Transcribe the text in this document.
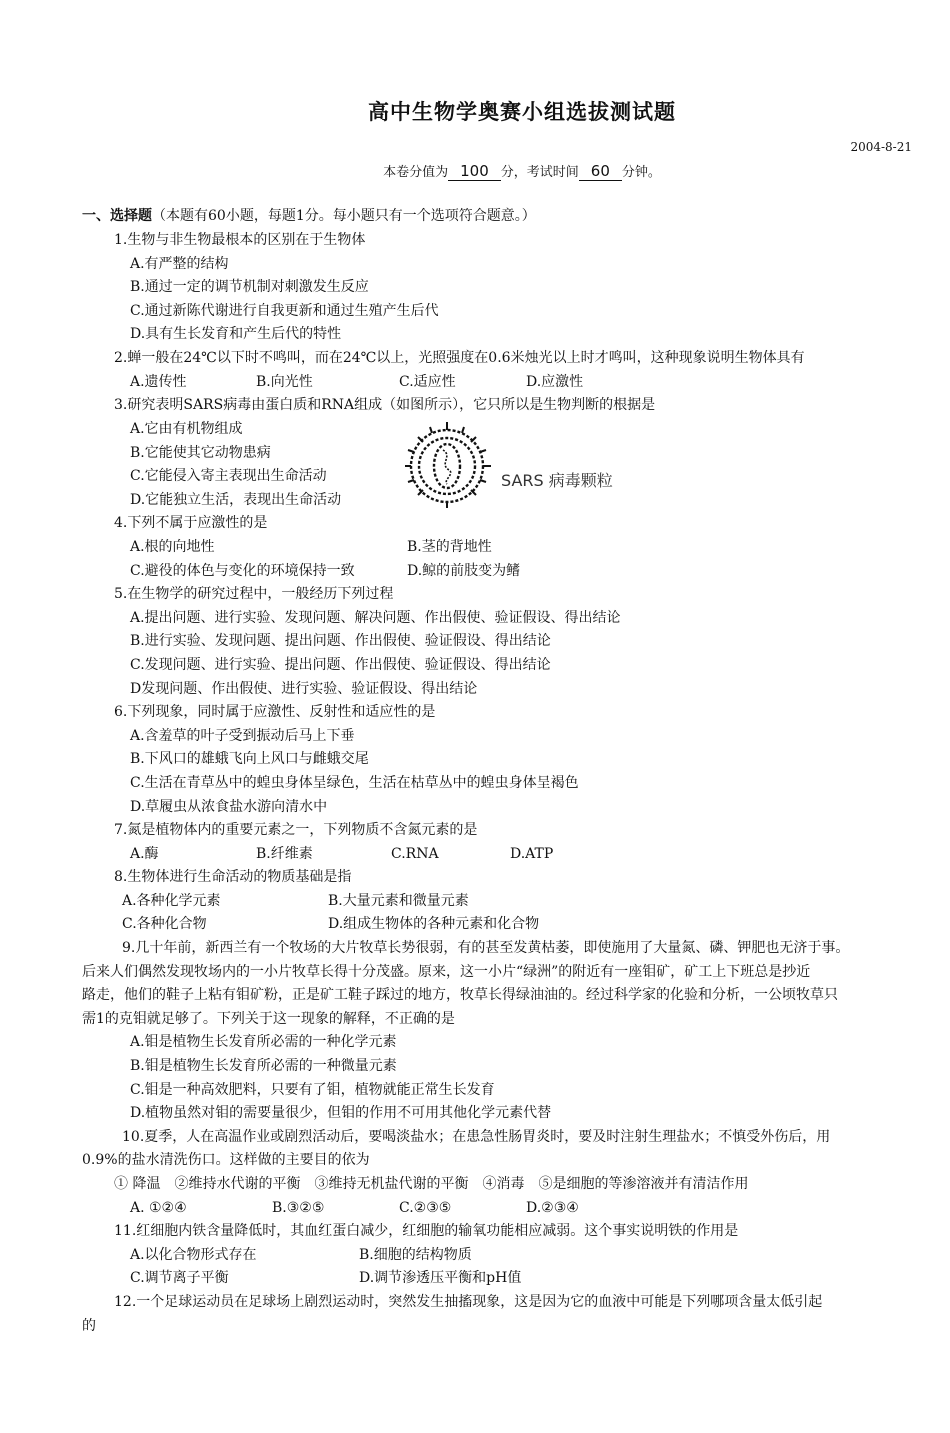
高中生物学奥赛小组选拔测试题
2004-8-21
本卷分值为 100 分，考试时间 60 分钟。
一、选择题（本题有60小题，每题1分。每小题只有一个选项符合题意。）
1.生物与非生物最根本的区别在于生物体
A.有严整的结构
B.通过一定的调节机制对刺激发生反应
C.通过新陈代谢进行自我更新和通过生殖产生后代
D.具有生长发育和产生后代的特性
2.蝉一般在24℃以下时不鸣叫，而在24℃以上，光照强度在0.6米烛光以上时才鸣叫，这种现象说明生物体具有
A.遗传性	B.向光性	C.适应性	D.应激性
3.研究表明SARS病毒由蛋白质和RNA组成（如图所示），它只所以是生物判断的根据是
A.它由有机物组成
B.它能使其它动物患病
C.它能侵入寄主表现出生命活动
D.它能独立生活，表现出生命活动
SARS 病毒颗粒
4.下列不属于应激性的是
A.根的向地性	B.茎的背地性
C.避役的体色与变化的环境保持一致	D.鲸的前肢变为鳍
5.在生物学的研究过程中，一般经历下列过程
A.提出问题、进行实验、发现问题、解决问题、作出假使、验证假设、得出结论
B.进行实验、发现问题、提出问题、作出假使、验证假设、得出结论
C.发现问题、进行实验、提出问题、作出假使、验证假设、得出结论
D发现问题、作出假使、进行实验、验证假设、得出结论
6.下列现象，同时属于应激性、反射性和适应性的是
A.含羞草的叶子受到振动后马上下垂
B.下风口的雄蛾飞向上风口与雌蛾交尾
C.生活在青草丛中的蝗虫身体呈绿色，生活在枯草丛中的蝗虫身体呈褐色
D.草履虫从浓食盐水游向清水中
7.氮是植物体内的重要元素之一，下列物质不含氮元素的是
A.酶	B.纤维素	C.RNA	D.ATP
8.生物体进行生命活动的物质基础是指
A.各种化学元素	B.大量元素和微量元素
C.各种化合物	D.组成生物体的各种元素和化合物
9.几十年前，新西兰有一个牧场的大片牧草长势很弱，有的甚至发黄枯萎，即使施用了大量氮、磷、钾肥也无济于事。
后来人们偶然发现牧场内的一小片牧草长得十分茂盛。原来，这一小片“绿洲”的附近有一座钼矿，矿工上下班总是抄近
路走，他们的鞋子上粘有钼矿粉，正是矿工鞋子踩过的地方，牧草长得绿油油的。经过科学家的化验和分析，一公顷牧草只
需1的克钼就足够了。下列关于这一现象的解释，不正确的是
A.钼是植物生长发育所必需的一种化学元素
B.钼是植物生长发育所必需的一种微量元素
C.钼是一种高效肥料，只要有了钼，植物就能正常生长发育
D.植物虽然对钼的需要量很少，但钼的作用不可用其他化学元素代替
10.夏季，人在高温作业或剧烈活动后，要喝淡盐水；在患急性肠胃炎时，要及时注射生理盐水；不慎受外伤后，用
0.9%的盐水清洗伤口。这样做的主要目的依为
① 降温　②维持水代谢的平衡　③维持无机盐代谢的平衡　④消毒　⑤是细胞的等渗溶液并有清洁作用
A. ①②④	B.③②⑤	C.②③⑤	D.②③④
11.红细胞内铁含量降低时，其血红蛋白减少，红细胞的输氧功能相应减弱。这个事实说明铁的作用是
A.以化合物形式存在	B.细胞的结构物质
C.调节离子平衡	D.调节渗透压平衡和pH值
12.一个足球运动员在足球场上剧烈运动时，突然发生抽搐现象，这是因为它的血液中可能是下列哪项含量太低引起
的
